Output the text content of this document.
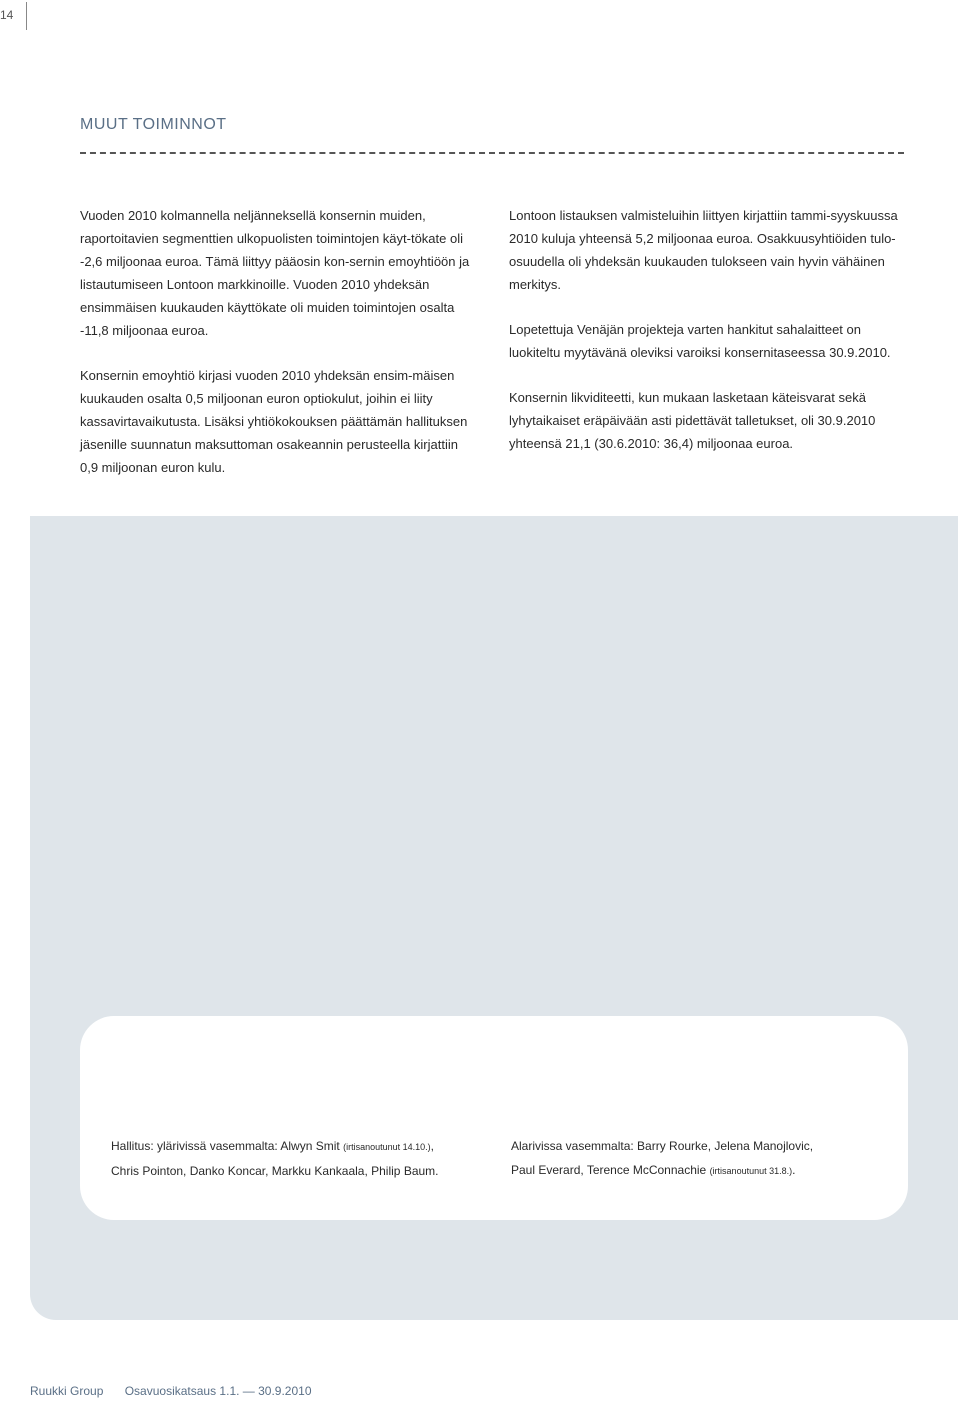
14
MUUT TOIMINNOT

Vuoden 2010 kolmannella neljänneksellä konsernin muiden, raportoitavien segmenttien ulkopuolisten toimintojen käyt-tökate oli -2,6 miljoonaa euroa. Tämä liittyy pääosin kon-sernin emoyhtiöön ja listautumiseen Lontoon markkinoille. Vuoden 2010 yhdeksän ensimmäisen kuukauden käyttökate oli muiden toimintojen osalta -11,8 miljoonaa euroa.

Konsernin emoyhtiö kirjasi vuoden 2010 yhdeksän ensim-mäisen kuukauden osalta 0,5 miljoonan euron optiokulut, joihin ei liity kassavirtavaikutusta. Lisäksi yhtiökokouksen päättämän hallituksen jäsenille suunnatun maksuttoman osakeannin perusteella kirjattiin 0,9 miljoonan euron kulu.

Lontoon listauksen valmisteluihin liittyen kirjattiin tammi-syyskuussa 2010 kuluja yhteensä 5,2 miljoonaa euroa. Osakkuusyhtiöiden tulo-osuudella oli yhdeksän kuukauden tulokseen vain hyvin vähäinen merkitys.

Lopetettuja Venäjän projekteja varten hankitut sahalaitteet on luokiteltu myytävänä oleviksi varoiksi konsernitaseessa 30.9.2010.

Konsernin likviditeetti, kun mukaan lasketaan käteisvarat sekä lyhytaikaiset eräpäivään asti pidettävät talletukset, oli 30.9.2010 yhteensä 21,1 (30.6.2010: 36,4) miljoonaa euroa.

Hallitus: ylärivissä vasemmalta: Alwyn Smit (irtisanoutunut 14.10.),
Chris Pointon, Danko Koncar, Markku Kankaala, Philip Baum.
Alarivissa vasemmalta: Barry Rourke, Jelena Manojlovic,
Paul Everard, Terence McConnachie (irtisanoutunut 31.8.).
Ruukki Group Osavuosikatsaus 1.1. — 30.9.2010
